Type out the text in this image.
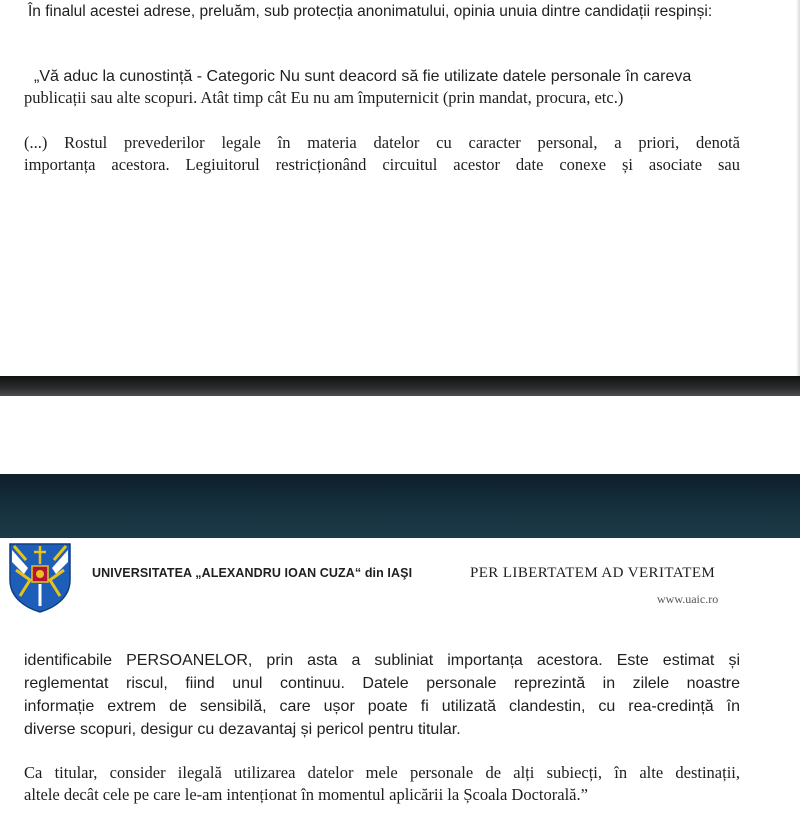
În finalul acestei adrese, preluăm, sub protecția anonimatului, opinia unuia dintre candidații respinși:
„Vă aduc la cunostință - Categoric Nu sunt deacord să fie utilizate datele personale în careva
publicații sau alte scopuri. Atât timp cât Eu nu am împuternicit (prin mandat, procura, etc.)
(...) Rostul prevederilor legale în materia datelor cu caracter personal, a priori, denotă
importanța acestora. Legiuitorul restricționând circuitul acestor date conexe și asociate sau
UNIVERSITATEA „ALEXANDRU IOAN CUZA“ din IAŞI	PER LIBERTATEM AD VERITATEM
www.uaic.ro
identificabile PERSOANELOR, prin asta a subliniat importanța acestora. Este estimat și
reglementat riscul, fiind unul continuu. Datele personale reprezintă in zilele noastre
informație extrem de sensibilă, care ușor poate fi utilizată clandestin, cu rea-credință în
diverse scopuri, desigur cu dezavantaj și pericol pentru titular.
Ca titular, consider ilegală utilizarea datelor mele personale de alți subiecți, în alte destinații,
altele decât cele pe care le-am intenționat în momentul aplicării la Școala Doctorală.”
